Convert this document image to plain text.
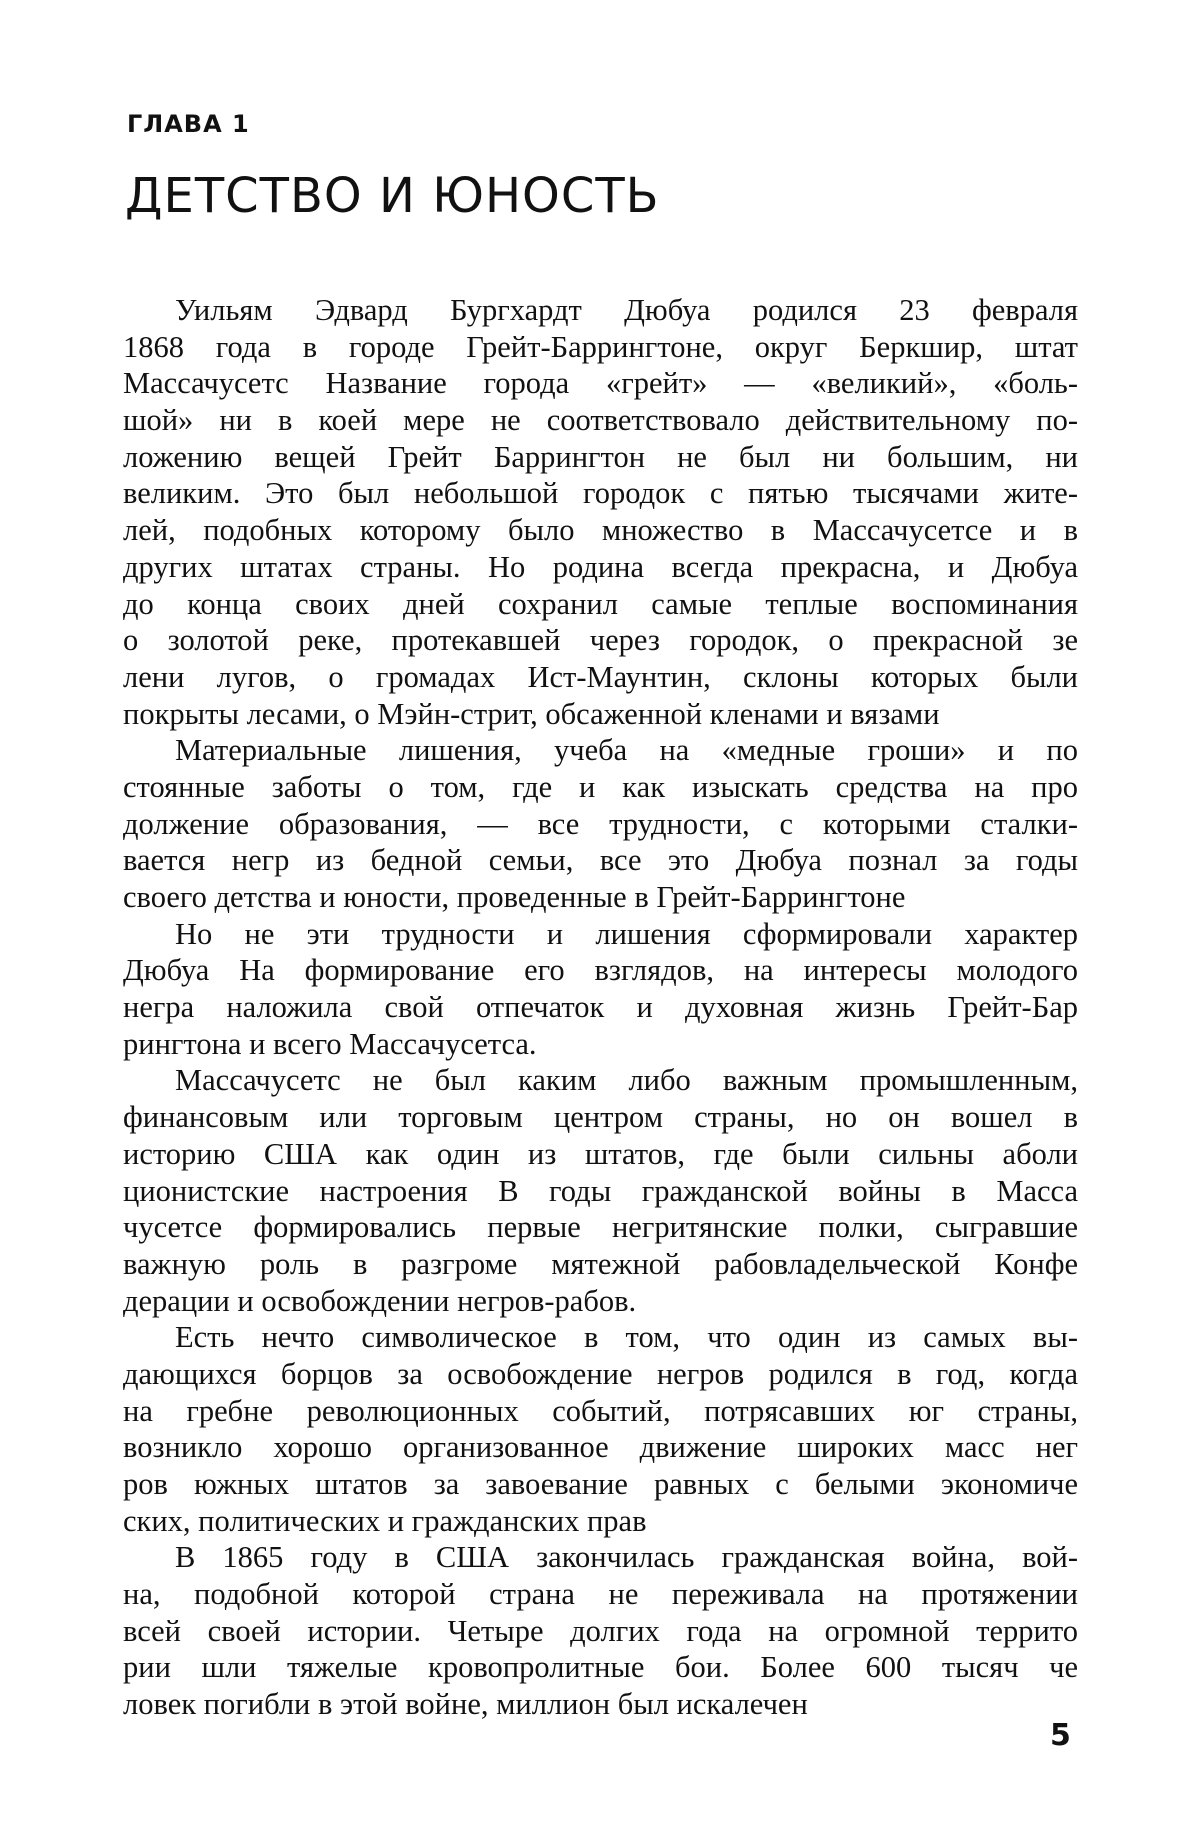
ГЛАВА 1
ДЕТСТВО И ЮНОСТЬ
Уильям Эдвард Бургхардт Дюбуа родился 23 февраля
1868 года в городе Грейт-Баррингтоне, округ Беркшир, штат
Массачусетс Название города «грейт» — «великий», «боль-
шой» ни в коей мере не соответствовало действительному по-
ложению вещей Грейт Баррингтон не был ни большим, ни
великим. Это был небольшой городок с пятью тысячами жите-
лей, подобных которому было множество в Массачусетсе и в
других штатах страны. Но родина всегда прекрасна, и Дюбуа
до конца своих дней сохранил самые теплые воспоминания
о золотой реке, протекавшей через городок, о прекрасной зе
лени лугов, о громадах Ист-Маунтин, склоны которых были
покрыты лесами, о Мэйн-стрит, обсаженной кленами и вязами
Материальные лишения, учеба на «медные гроши» и по
стоянные заботы о том, где и как изыскать средства на про
должение образования, — все трудности, с которыми сталки-
вается негр из бедной семьи, все это Дюбуа познал за годы
своего детства и юности, проведенные в Грейт-Баррингтоне
Но не эти трудности и лишения сформировали характер
Дюбуа На формирование его взглядов, на интересы молодого
негра наложила свой отпечаток и духовная жизнь Грейт-Бар
рингтона и всего Массачусетса.
Массачусетс не был каким либо важным промышленным,
финансовым или торговым центром страны, но он вошел в
историю США как один из штатов, где были сильны аболи
ционистские настроения В годы гражданской войны в Масса
чусетсе формировались первые негритянские полки, сыгравшие
важную роль в разгроме мятежной рабовладельческой Конфе
дерации и освобождении негров-рабов.
Есть нечто символическое в том, что один из самых вы-
дающихся борцов за освобождение негров родился в год, когда
на гребне революционных событий, потрясавших юг страны,
возникло хорошо организованное движение широких масс нег
ров южных штатов за завоевание равных с белыми экономиче
ских, политических и гражданских прав
В 1865 году в США закончилась гражданская война, вой-
на, подобной которой страна не переживала на протяжении
всей своей истории. Четыре долгих года на огромной террито
рии шли тяжелые кровопролитные бои. Более 600 тысяч че
ловек погибли в этой войне, миллион был искалечен
5
